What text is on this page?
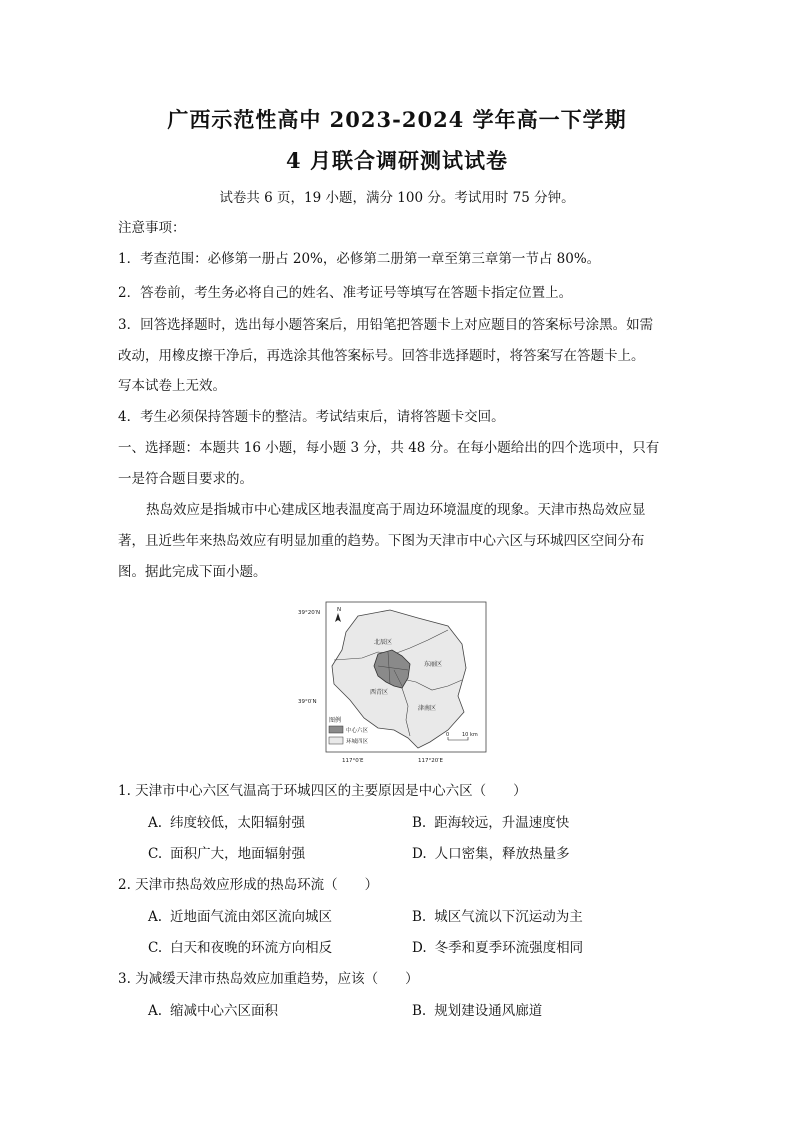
广西示范性高中 2023-2024 学年高一下学期
4 月联合调研测试试卷
试卷共 6 页，19 小题，满分 100 分。考试用时 75 分钟。
注意事项：
1．考查范围：必修第一册占 20%，必修第二册第一章至第三章第一节占 80%。
2．答卷前，考生务必将自己的姓名、准考证号等填写在答题卡指定位置上。
3．回答选择题时，选出每小题答案后，用铅笔把答题卡上对应题目的答案标号涂黑。如需
改动，用橡皮擦干净后，再选涂其他答案标号。回答非选择题时，将答案写在答题卡上。
写本试卷上无效。
4．考生必须保持答题卡的整洁。考试结束后，请将答题卡交回。
一、选择题：本题共 16 小题，每小题 3 分，共 48 分。在每小题给出的四个选项中，只有
一是符合题目要求的。
热岛效应是指城市中心建成区地表温度高于周边环境温度的现象。天津市热岛效应显
著，且近些年来热岛效应有明显加重的趋势。下图为天津市中心六区与环城四区空间分布
图。据此完成下面小题。
北辰区
东丽区
西青区
津南区
N
39°20′N
39°0′N
117°0′E	117°20′E
图例
中心六区
环城四区
0	10 km
1. 天津市中心六区气温高于环城四区的主要原因是中心六区（　　）
A. 纬度较低，太阳辐射强	B. 距海较远，升温速度快
C. 面积广大，地面辐射强	D. 人口密集，释放热量多
2. 天津市热岛效应形成的热岛环流（　　）
A. 近地面气流由郊区流向城区	B. 城区气流以下沉运动为主
C. 白天和夜晚的环流方向相反	D. 冬季和夏季环流强度相同
3. 为减缓天津市热岛效应加重趋势，应该（　　）
A. 缩减中心六区面积	B. 规划建设通风廊道
